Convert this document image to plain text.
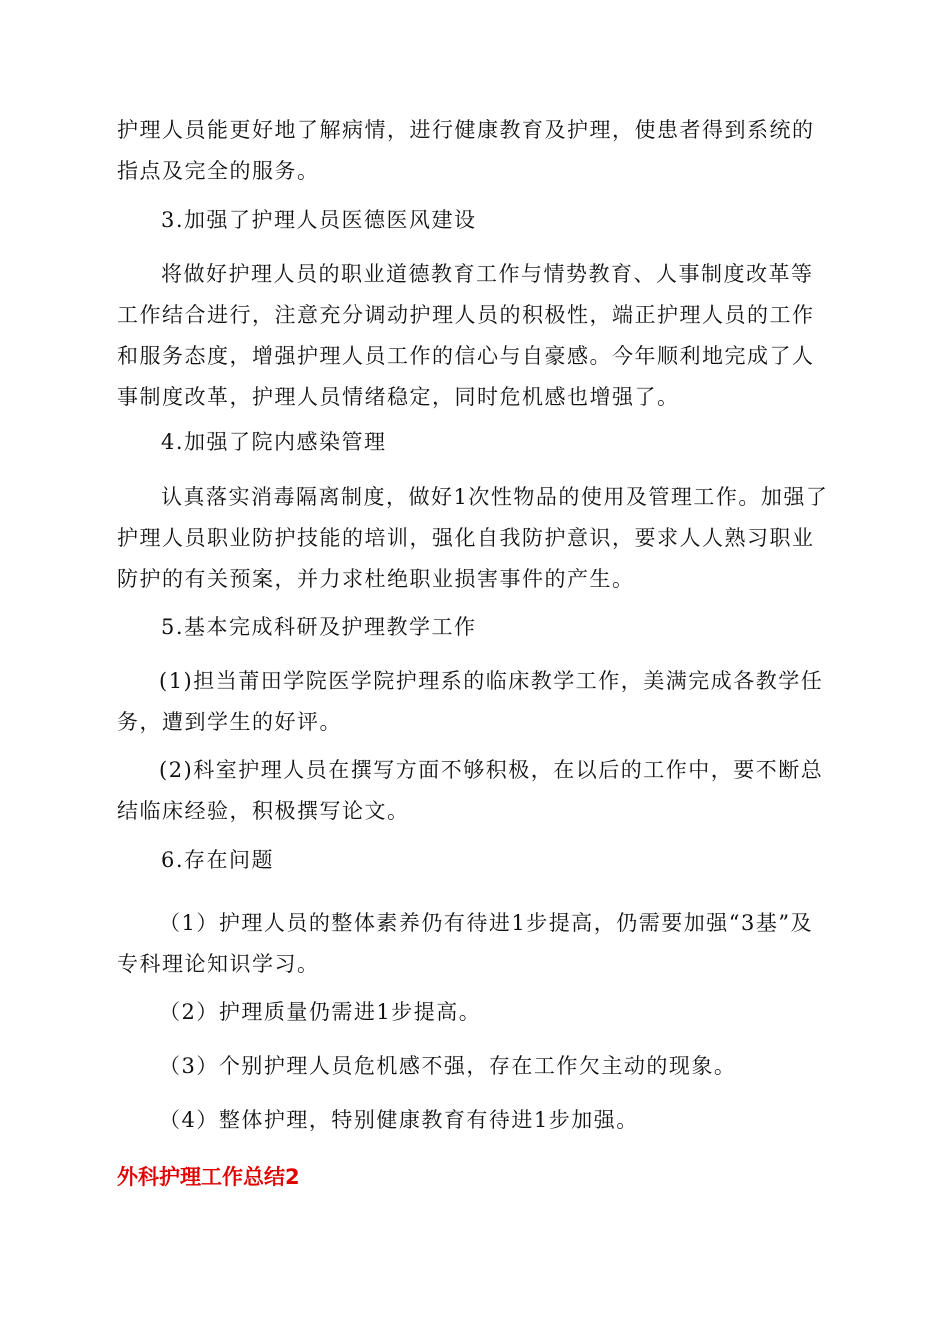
护理人员能更好地了解病情，进行健康教育及护理，使患者得到系统的指点及完全的服务。

3.加强了护理人员医德医风建设

将做好护理人员的职业道德教育工作与情势教育、人事制度改革等工作结合进行，注意充分调动护理人员的积极性，端正护理人员的工作和服务态度，增强护理人员工作的信心与自豪感。今年顺利地完成了人事制度改革，护理人员情绪稳定，同时危机感也增强了。

4.加强了院内感染管理

认真落实消毒隔离制度，做好1次性物品的使用及管理工作。加强了护理人员职业防护技能的培训，强化自我防护意识，要求人人熟习职业防护的有关预案，并力求杜绝职业损害事件的产生。

5.基本完成科研及护理教学工作

(1)担当莆田学院医学院护理系的临床教学工作，美满完成各教学任务，遭到学生的好评。

(2)科室护理人员在撰写方面不够积极，在以后的工作中，要不断总结临床经验，积极撰写论文。

6.存在问题

（1）护理人员的整体素养仍有待进1步提高，仍需要加强“3基”及专科理论知识学习。

（2）护理质量仍需进1步提高。

（3）个别护理人员危机感不强，存在工作欠主动的现象。

（4）整体护理，特别健康教育有待进1步加强。

外科护理工作总结2
